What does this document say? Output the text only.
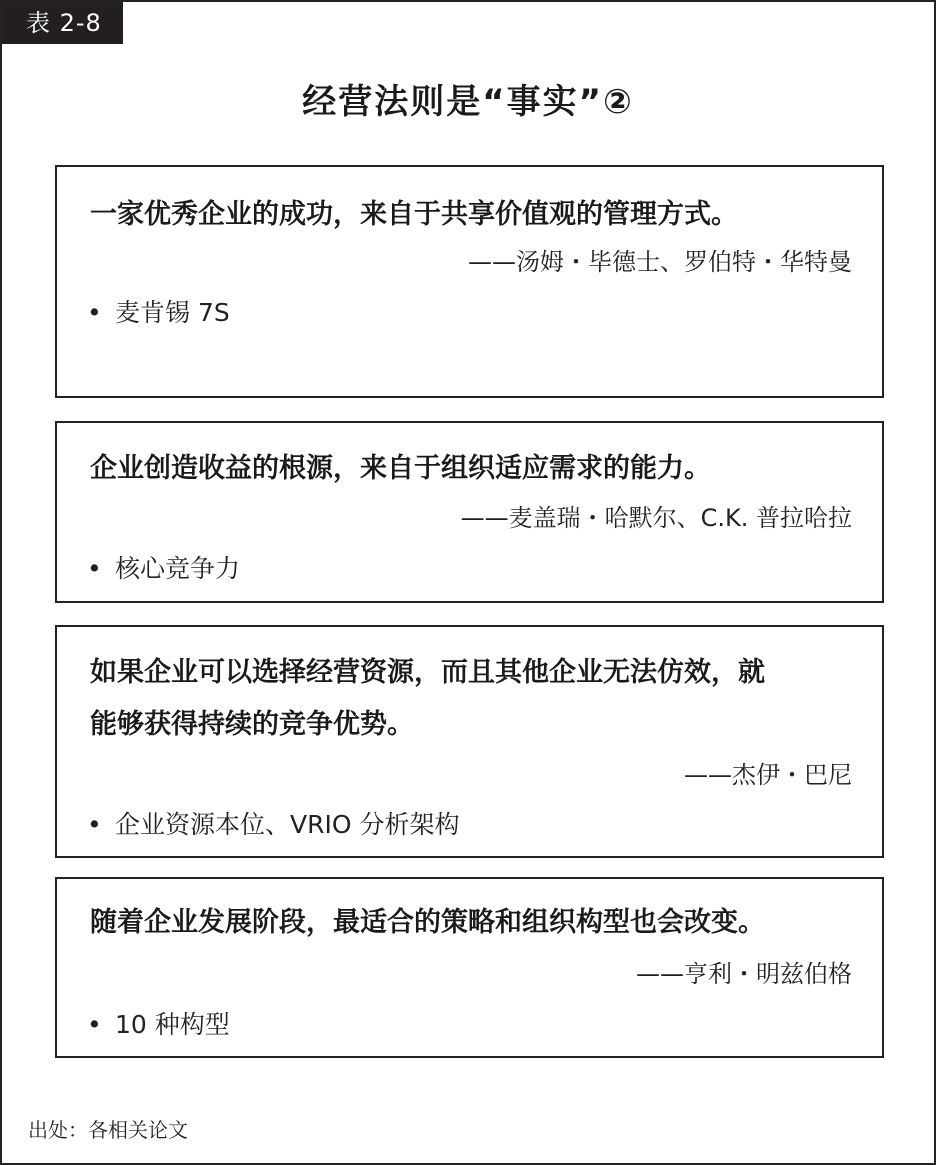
表 2-8
经营法则是“事实”②
一家优秀企业的成功，来自于共享价值观的管理方式。
——汤姆・毕德士、罗伯特・华特曼
• 麦肯锡 7S
企业创造收益的根源，来自于组织适应需求的能力。
——麦盖瑞・哈默尔、C.K. 普拉哈拉
• 核心竞争力
如果企业可以选择经营资源，而且其他企业无法仿效，就
能够获得持续的竞争优势。
——杰伊・巴尼
• 企业资源本位、VRIO 分析架构
随着企业发展阶段，最适合的策略和组织构型也会改变。
——亨利・明兹伯格
• 10 种构型
出处：各相关论文
